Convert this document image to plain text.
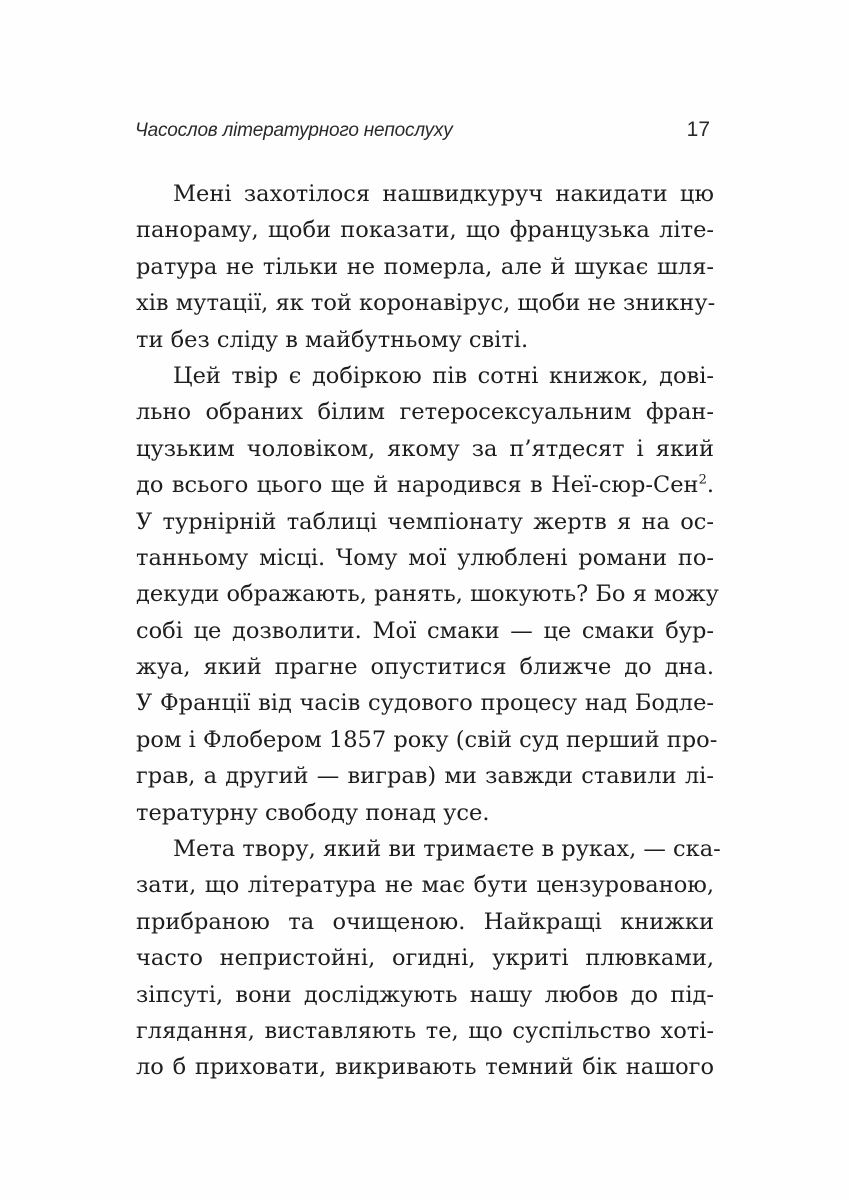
Часослов літературного непослуху	17
Мені захотілося нашвидкуруч накидати цю
панораму, щоби показати, що французька літе-
ратура не тільки не померла, але й шукає шля-
хів мутації, як той коронавірус, щоби не зникну-
ти без сліду в майбутньому світі.
Цей твір є добіркою пів сотні книжок, дові-
льно обраних білим гетеросексуальним фран-
цузьким чоловіком, якому за п’ятдесят і який
до всього цього ще й народився в Неї-сюр-Сен$^2$.
У турнірній таблиці чемпіонату жертв я на ос-
танньому місці. Чому мої улюблені романи по-
декуди ображають, ранять, шокують? Бо я можу
собі це дозволити. Мої смаки — це смаки бур-
жуа, який прагне опуститися ближче до дна.
У Франції від часів судового процесу над Бодле-
ром і Флобером 1857 року (свій суд перший про-
грав, а другий — виграв) ми завжди ставили лі-
тературну свободу понад усе.
Мета твору, який ви тримаєте в руках, — ска-
зати, що література не має бути цензурованою,
прибраною та очищеною. Найкращі книжки
часто непристойні, огидні, укриті плювками,
зіпсуті, вони досліджують нашу любов до під-
глядання, виставляють те, що суспільство хоті-
ло б приховати, викривають темний бік нашого
